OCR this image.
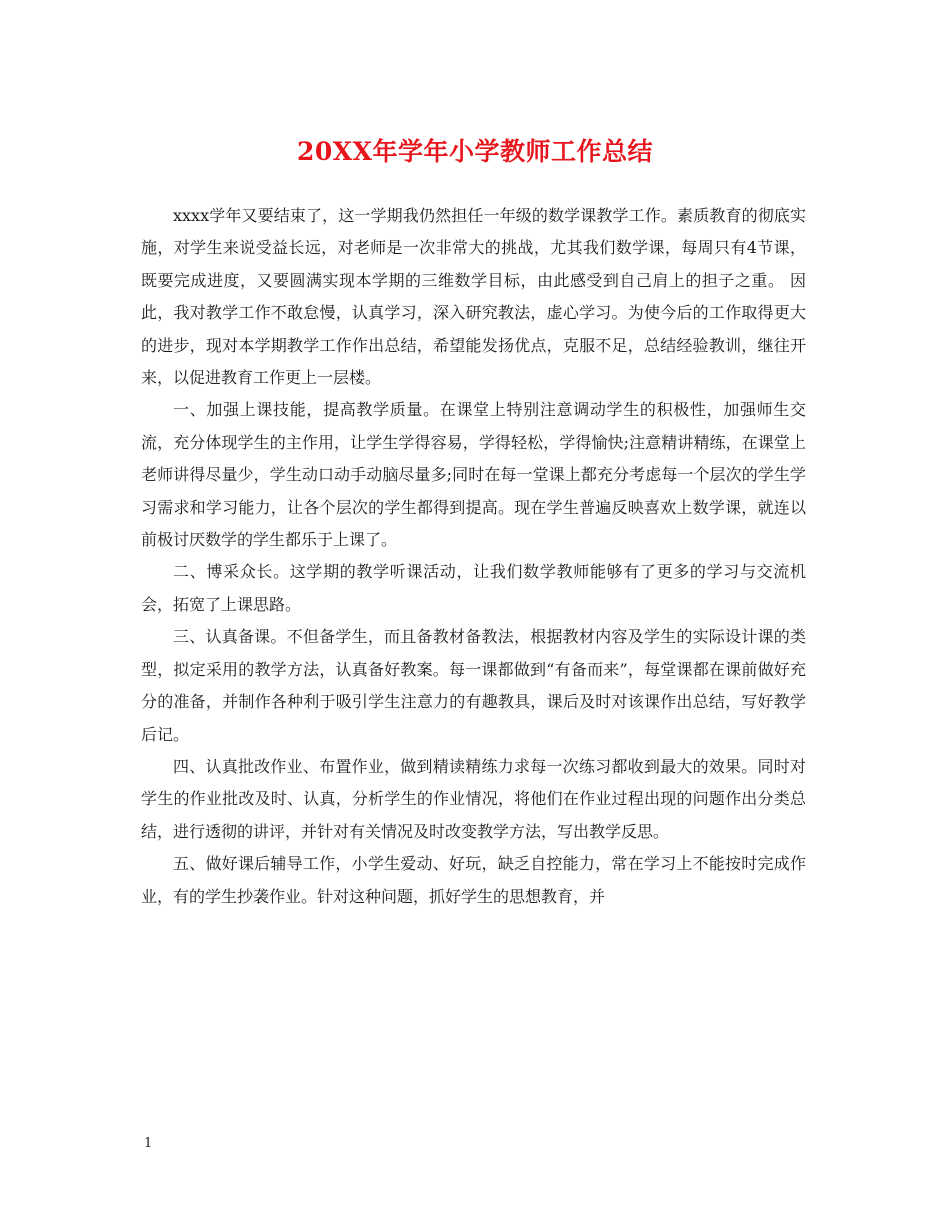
20XX年学年小学教师工作总结

xxxx学年又要结束了，这一学期我仍然担任一年级的数学课教学工作。素质教育的彻底实施，对学生来说受益长远，对老师是一次非常大的挑战，尤其我们数学课，每周只有4节课，既要完成进度，又要圆满实现本学期的三维数学目标，由此感受到自己肩上的担子之重。 因此，我对教学工作不敢怠慢，认真学习，深入研究教法，虚心学习。为使今后的工作取得更大的进步，现对本学期教学工作作出总结，希望能发扬优点，克服不足，总结经验教训，继往开来，以促进教育工作更上一层楼。

一、加强上课技能，提高教学质量。在课堂上特别注意调动学生的积极性，加强师生交流，充分体现学生的主作用，让学生学得容易，学得轻松，学得愉快;注意精讲精练，在课堂上老师讲得尽量少，学生动口动手动脑尽量多;同时在每一堂课上都充分考虑每一个层次的学生学习需求和学习能力，让各个层次的学生都得到提高。现在学生普遍反映喜欢上数学课，就连以前极讨厌数学的学生都乐于上课了。

二、博采众长。这学期的教学听课活动，让我们数学教师能够有了更多的学习与交流机会，拓宽了上课思路。

三、认真备课。不但备学生，而且备教材备教法，根据教材内容及学生的实际设计课的类型，拟定采用的教学方法，认真备好教案。每一课都做到“有备而来”，每堂课都在课前做好充分的准备，并制作各种利于吸引学生注意力的有趣教具，课后及时对该课作出总结，写好教学后记。

四、认真批改作业、布置作业，做到精读精练力求每一次练习都收到最大的效果。同时对学生的作业批改及时、认真，分析学生的作业情况，将他们在作业过程出现的问题作出分类总结，进行透彻的讲评，并针对有关情况及时改变教学方法，写出教学反思。

五、做好课后辅导工作，小学生爱动、好玩，缺乏自控能力，常在学习上不能按时完成作业，有的学生抄袭作业。针对这种问题，抓好学生的思想教育，并

1
